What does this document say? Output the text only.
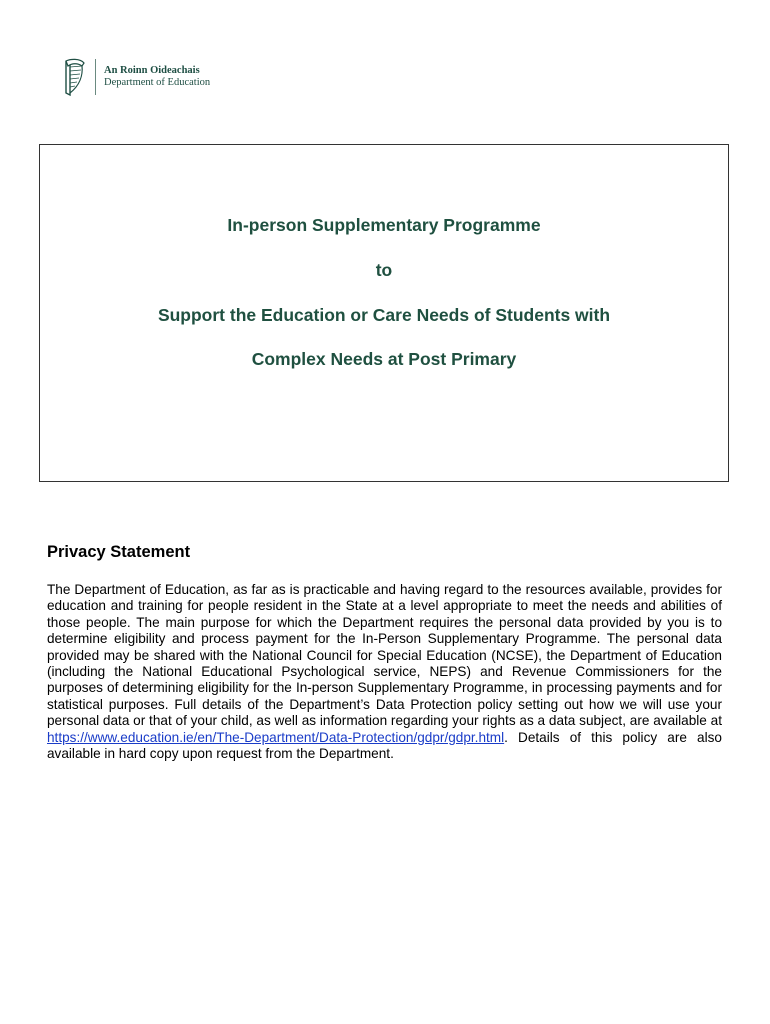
An Roinn Oideachais
Department of Education
In-person Supplementary Programme
to
Support the Education or Care Needs of Students with
Complex Needs at Post Primary
Privacy Statement

The Department of Education, as far as is practicable and having regard to the resources available, provides for education and training for people resident in the State at a level appropriate to meet the needs and abilities of those people. The main purpose for which the Department requires the personal data provided by you is to determine eligibility and process payment for the In-Person Supplementary Programme. The personal data provided may be shared with the National Council for Special Education (NCSE), the Department of Education (including the National Educational Psychological service, NEPS) and Revenue Commissioners for the purposes of determining eligibility for the In-person Supplementary Programme, in processing payments and for statistical purposes. Full details of the Department’s Data Protection policy setting out how we will use your personal data or that of your child, as well as information regarding your rights as a data subject, are available at https://www.education.ie/en/The-Department/Data-Protection/gdpr/gdpr.html. Details of this policy are also available in hard copy upon request from the Department.
